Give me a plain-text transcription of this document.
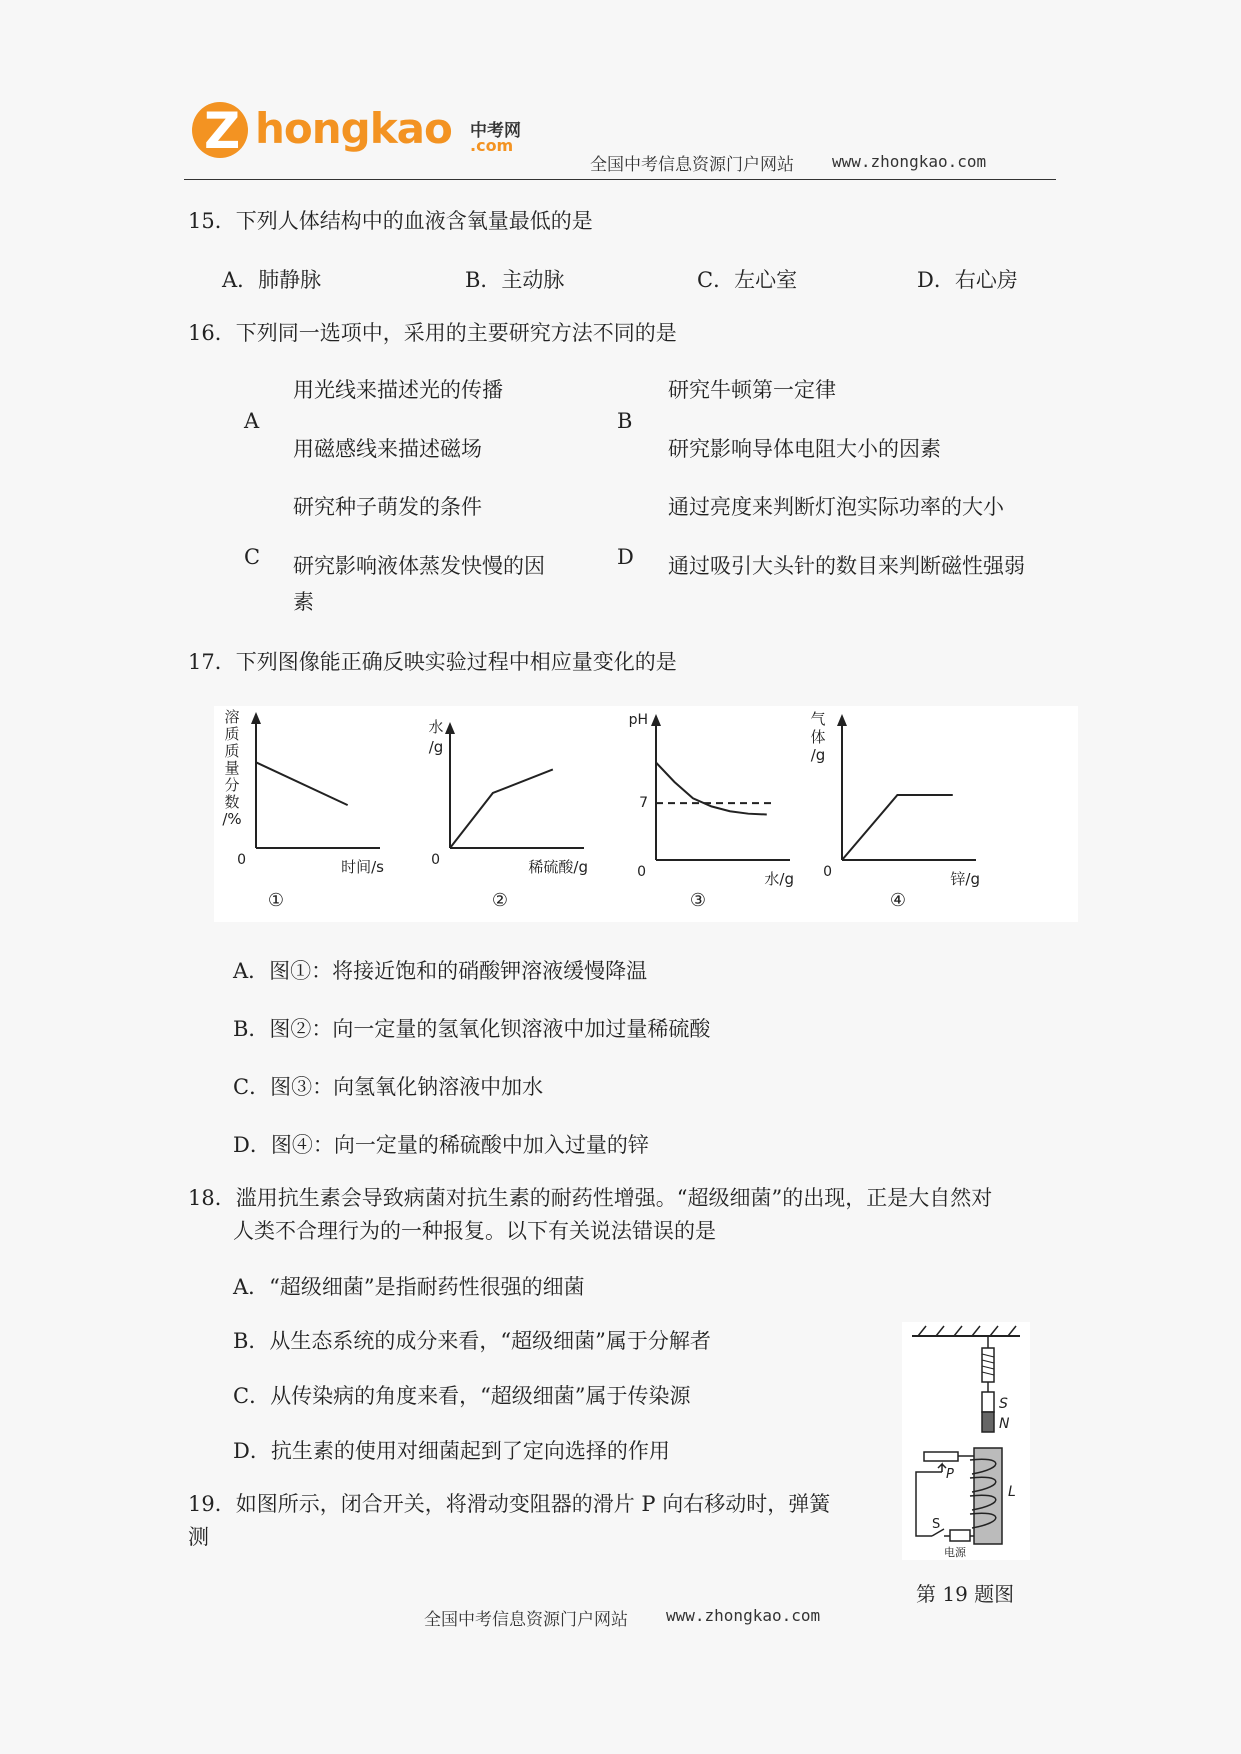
Z hongkao 中考网
.com
全国中考信息资源门户网站 www.zhongkao.com
15．下列人体结构中的血液含氧量最低的是
A．肺静脉	B．主动脉	C．左心室	D．右心房
16．下列同一选项中，采用的主要研究方法不同的是
A
用光线来描述光的传播
用磁感线来描述磁场
B
研究牛顿第一定律
研究影响导体电阻大小的因素
C
研究种子萌发的条件
研究影响液体蒸发快慢的因
素
D
通过亮度来判断灯泡实际功率的大小
通过吸引大头针的数目来判断磁性强弱
17．下列图像能正确反映实验过程中相应量变化的是
0
溶质质量分数/%
时间/s
①
0
水/g
稀硫酸/g
②
0
7
pH
水/g
③
0
气体/g
锌/g
④
A．图①：将接近饱和的硝酸钾溶液缓慢降温
B．图②：向一定量的氢氧化钡溶液中加过量稀硫酸
C．图③：向氢氧化钠溶液中加水
D．图④：向一定量的稀硫酸中加入过量的锌
18．滥用抗生素会导致病菌对抗生素的耐药性增强。“超级细菌”的出现，正是大自然对
人类不合理行为的一种报复。以下有关说法错误的是
A．“超级细菌”是指耐药性很强的细菌
B．从生态系统的成分来看，“超级细菌”属于分解者
C．从传染病的角度来看，“超级细菌”属于传染源
D．抗生素的使用对细菌起到了定向选择的作用
19．如图所示，闭合开关，将滑动变阻器的滑片 P 向右移动时，弹簧
测
S
N
L
P
S
电源
第 19 题图
全国中考信息资源门户网站 www.zhongkao.com
